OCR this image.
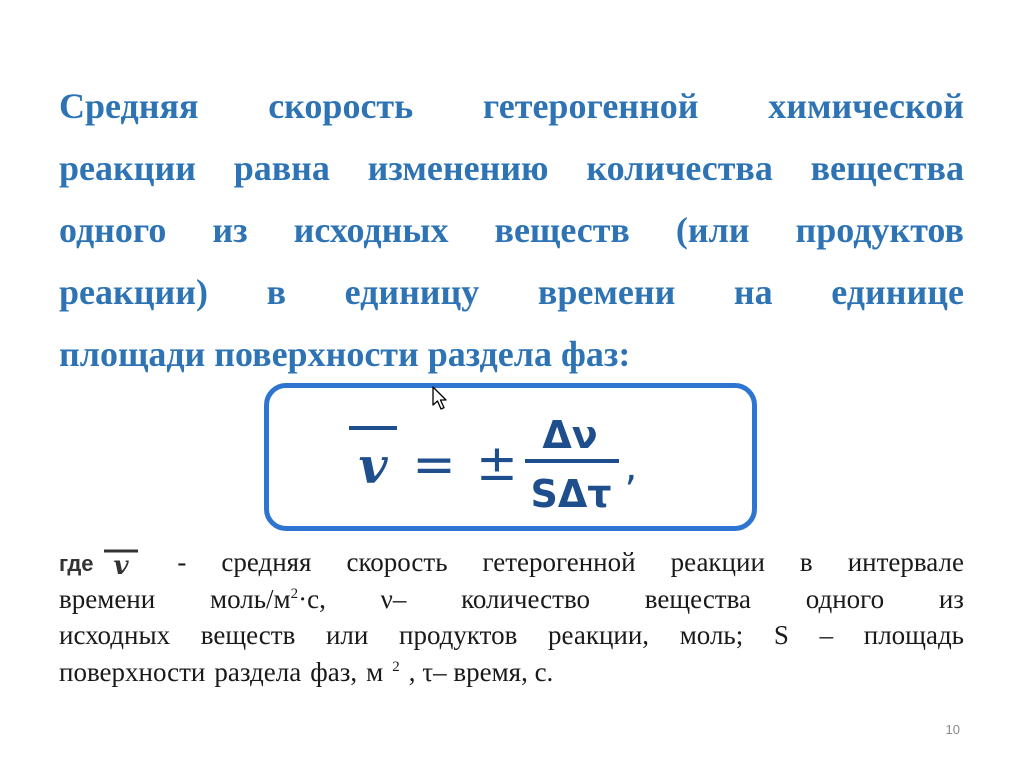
Средняя скорость гетерогенной химической
реакции равна изменению количества вещества
одного из исходных веществ (или продуктов
реакции) в единицу времени на единице
площади поверхности раздела фаз:
𝒗 = ± Δν
SΔτ
,
где 𝒗 - средняя скорость гетерогенной реакции в интервале
времени моль/$м^2\cdot с$, ν– количество вещества одного из
исходных веществ или продуктов реакции, моль; S – площадь
поверхности раздела фаз, м $^2$ , τ– время, с.
10
